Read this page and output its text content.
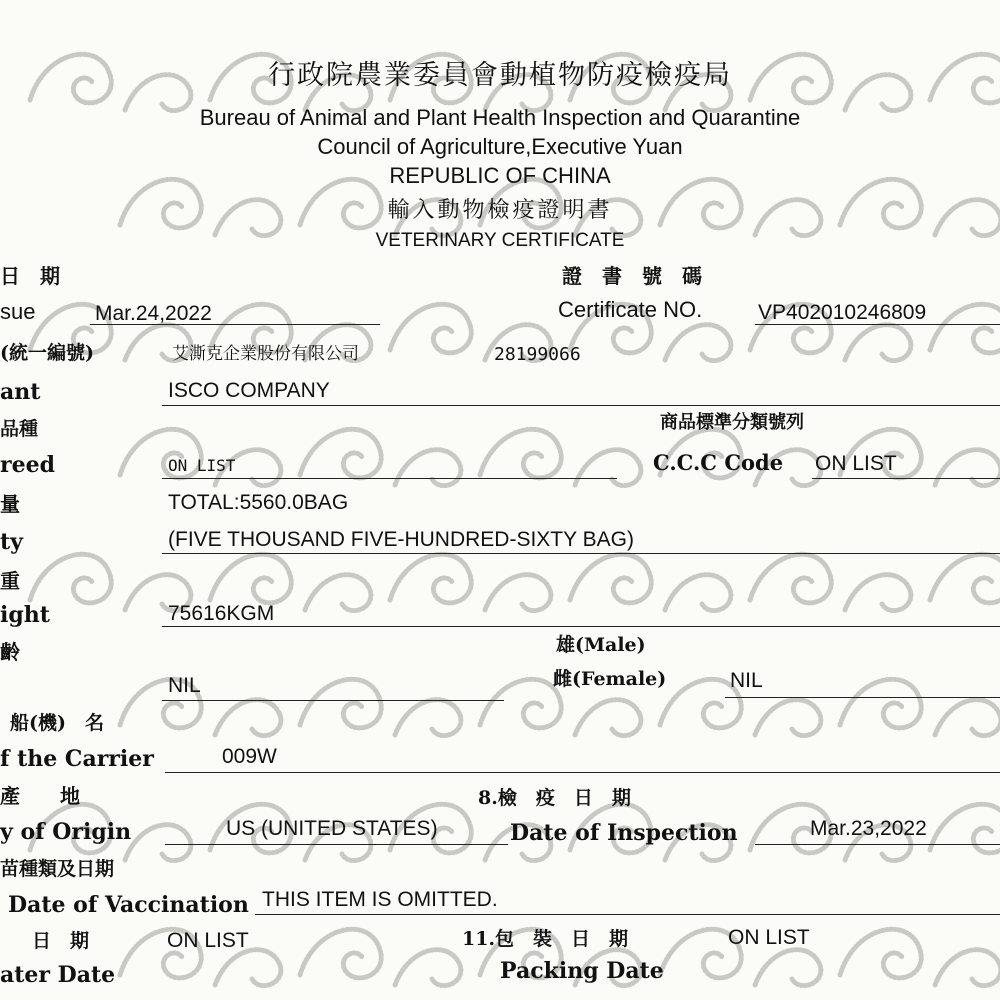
行政院農業委員會動植物防疫檢疫局
Bureau of Animal and Plant Health Inspection and Quarantine
Council of Agriculture,Executive Yuan
REPUBLIC OF CHINA
輸入動物檢疫證明書
VETERINARY CERTIFICATE
日　期	證　書　號　碼
sue	Mar.24,2022	Certificate NO.	VP402010246809
(統一編號)	艾澌克企業股份有限公司	28199066
ant	ISCO COMPANY
品種	商品標準分類號列
reed	ON LIST	C.C.C Code ON LIST
量	TOTAL:5560.0BAG
ty	(FIVE THOUSAND FIVE-HUNDRED-SIXTY BAG)
重
ight	75616KGM
齡	雄(Male)
NIL	雌(Female)	NIL
船(機)　名
f the Carrier	009W
產　　地	8.檢　疫　日　期
y of Origin	US (UNITED STATES)	Date of Inspection	Mar.23,2022
苗種類及日期
Date of Vaccination THIS ITEM IS OMITTED.
日　期	ON LIST	11.包　裝　日　期	ON LIST
ater Date	Packing Date
